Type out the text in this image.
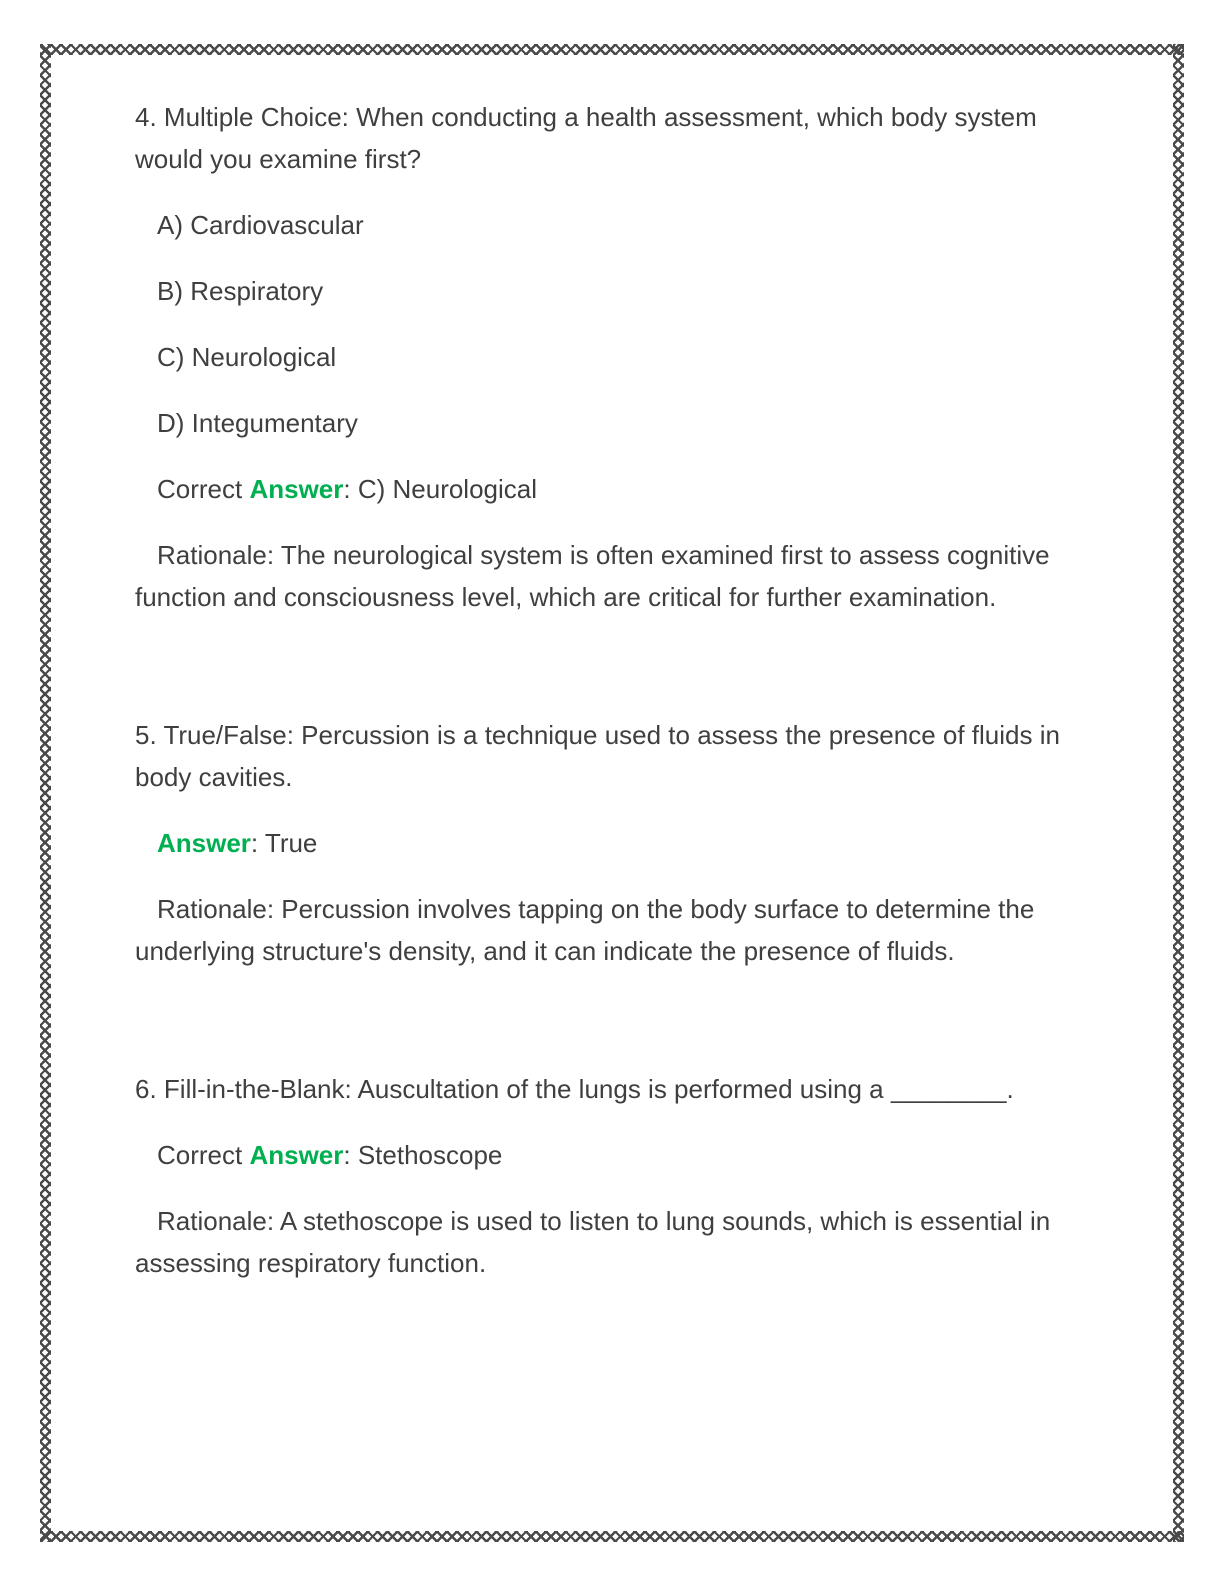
4. Multiple Choice: When conducting a health assessment, which body system would you examine first?

A) Cardiovascular

B) Respiratory

C) Neurological

D) Integumentary

Correct Answer: C) Neurological

Rationale: The neurological system is often examined first to assess cognitive function and consciousness level, which are critical for further examination.

5. True/False: Percussion is a technique used to assess the presence of fluids in body cavities.

Answer: True

Rationale: Percussion involves tapping on the body surface to determine the underlying structure's density, and it can indicate the presence of fluids.

6. Fill-in-the-Blank: Auscultation of the lungs is performed using a ________.

Correct Answer: Stethoscope

Rationale: A stethoscope is used to listen to lung sounds, which is essential in assessing respiratory function.
